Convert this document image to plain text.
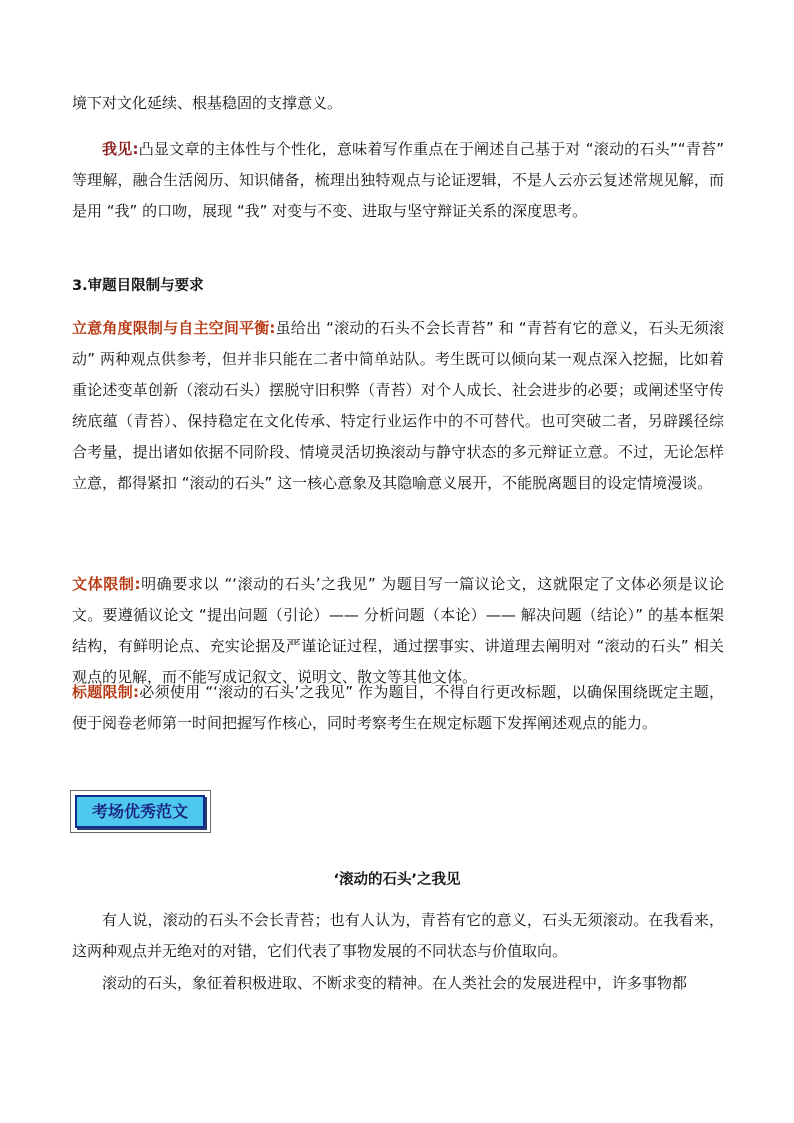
境下对文化延续、根基稳固的支撑意义。

我见:凸显文章的主体性与个性化，意味着写作重点在于阐述自己基于对 “滚动的石头”“青苔” 等理解，融合生活阅历、知识储备，梳理出独特观点与论证逻辑，不是人云亦云复述常规见解，而是用 “我” 的口吻，展现 “我” 对变与不变、进取与坚守辩证关系的深度思考。

3.审题目限制与要求

立意角度限制与自主空间平衡:虽给出 “滚动的石头不会长青苔” 和 “青苔有它的意义，石头无须滚动” 两种观点供参考，但并非只能在二者中简单站队。考生既可以倾向某一观点深入挖掘，比如着重论述变革创新（滚动石头）摆脱守旧积弊（青苔）对个人成长、社会进步的必要；或阐述坚守传统底蕴（青苔）、保持稳定在文化传承、特定行业运作中的不可替代。也可突破二者，另辟蹊径综合考量，提出诸如依据不同阶段、情境灵活切换滚动与静守状态的多元辩证立意。不过，无论怎样立意，都得紧扣 “滚动的石头” 这一核心意象及其隐喻意义展开，不能脱离题目的设定情境漫谈。

文体限制:明确要求以 “‘滚动的石头’之我见” 为题目写一篇议论文，这就限定了文体必须是议论文。要遵循议论文 “提出问题（引论）—— 分析问题（本论）—— 解决问题（结论）” 的基本框架结构，有鲜明论点、充实论据及严谨论证过程，通过摆事实、讲道理去阐明对 “滚动的石头” 相关观点的见解，而不能写成记叙文、说明文、散文等其他文体。

标题限制:必须使用 “‘滚动的石头’之我见” 作为题目，不得自行更改标题，以确保围绕既定主题，便于阅卷老师第一时间把握写作核心，同时考察考生在规定标题下发挥阐述观点的能力。

考场优秀范文

‘滚动的石头’之我见

有人说，滚动的石头不会长青苔；也有人认为，青苔有它的意义，石头无须滚动。在我看来，这两种观点并无绝对的对错，它们代表了事物发展的不同状态与价值取向。

滚动的石头，象征着积极进取、不断求变的精神。在人类社会的发展进程中，许多事物都
